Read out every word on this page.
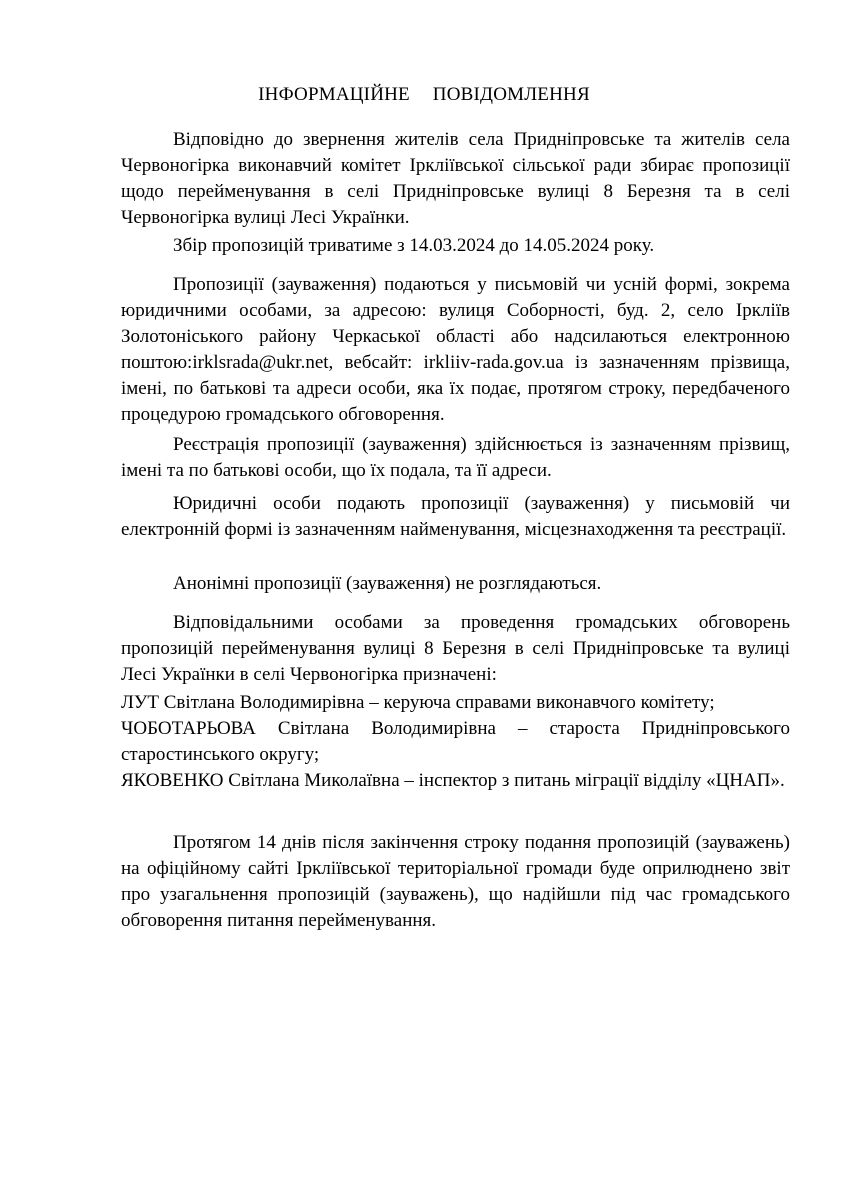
ІНФОРМАЦІЙНЕ ПОВІДОМЛЕННЯ
Відповідно до звернення жителів села Придніпровське та жителів села Червоногірка виконавчий комітет Ірклiївської сільської ради збирає пропозиції щодо перейменування в селі Придніпровське вулиці 8 Березня та в селі Червоногірка вулиці Лесі Українки.
Збір пропозицій триватиме з 14.03.2024 до 14.05.2024 року.
Пропозиції (зауваження) подаються у письмовій чи усній формі, зокрема юридичними особами, за адресою: вулиця Соборності, буд. 2, село Іркліїв Золотоніського району Черкаської області або надсилаються електронною поштою:irklsrada@ukr.net, вебсайт: irkliiv-rada.gov.ua із зазначенням прізвища, імені, по батькові та адреси особи, яка їх подає, протягом строку, передбаченого процедурою громадського обговорення.
Реєстрація пропозиції (зауваження) здійснюється із зазначенням прізвищ, імені та по батькові особи, що їх подала, та її адреси.
Юридичні особи подають пропозиції (зауваження) у письмовій чи електронній формі із зазначенням найменування, місцезнаходження та реєстрації.
Анонімні пропозиції (зауваження) не розглядаються.
Відповідальними особами за проведення громадських обговорень пропозицій перейменування вулиці 8 Березня в селі Придніпровське та вулиці Лесі Українки в селі Червоногірка призначені:
ЛУТ Світлана Володимирівна – керуюча справами виконавчого комітету;
ЧОБОТАРЬОВА Світлана Володимирівна – староста Придніпровського старостинського округу;
ЯКОВЕНКО Світлана Миколаївна – інспектор з питань міграції відділу «ЦНАП».
Протягом 14 днів після закінчення строку подання пропозицій (зауважень) на офіційному сайті Ірклiївської територіальної громади буде оприлюднено звіт про узагальнення пропозицій (зауважень), що надійшли під час громадського обговорення питання перейменування.
